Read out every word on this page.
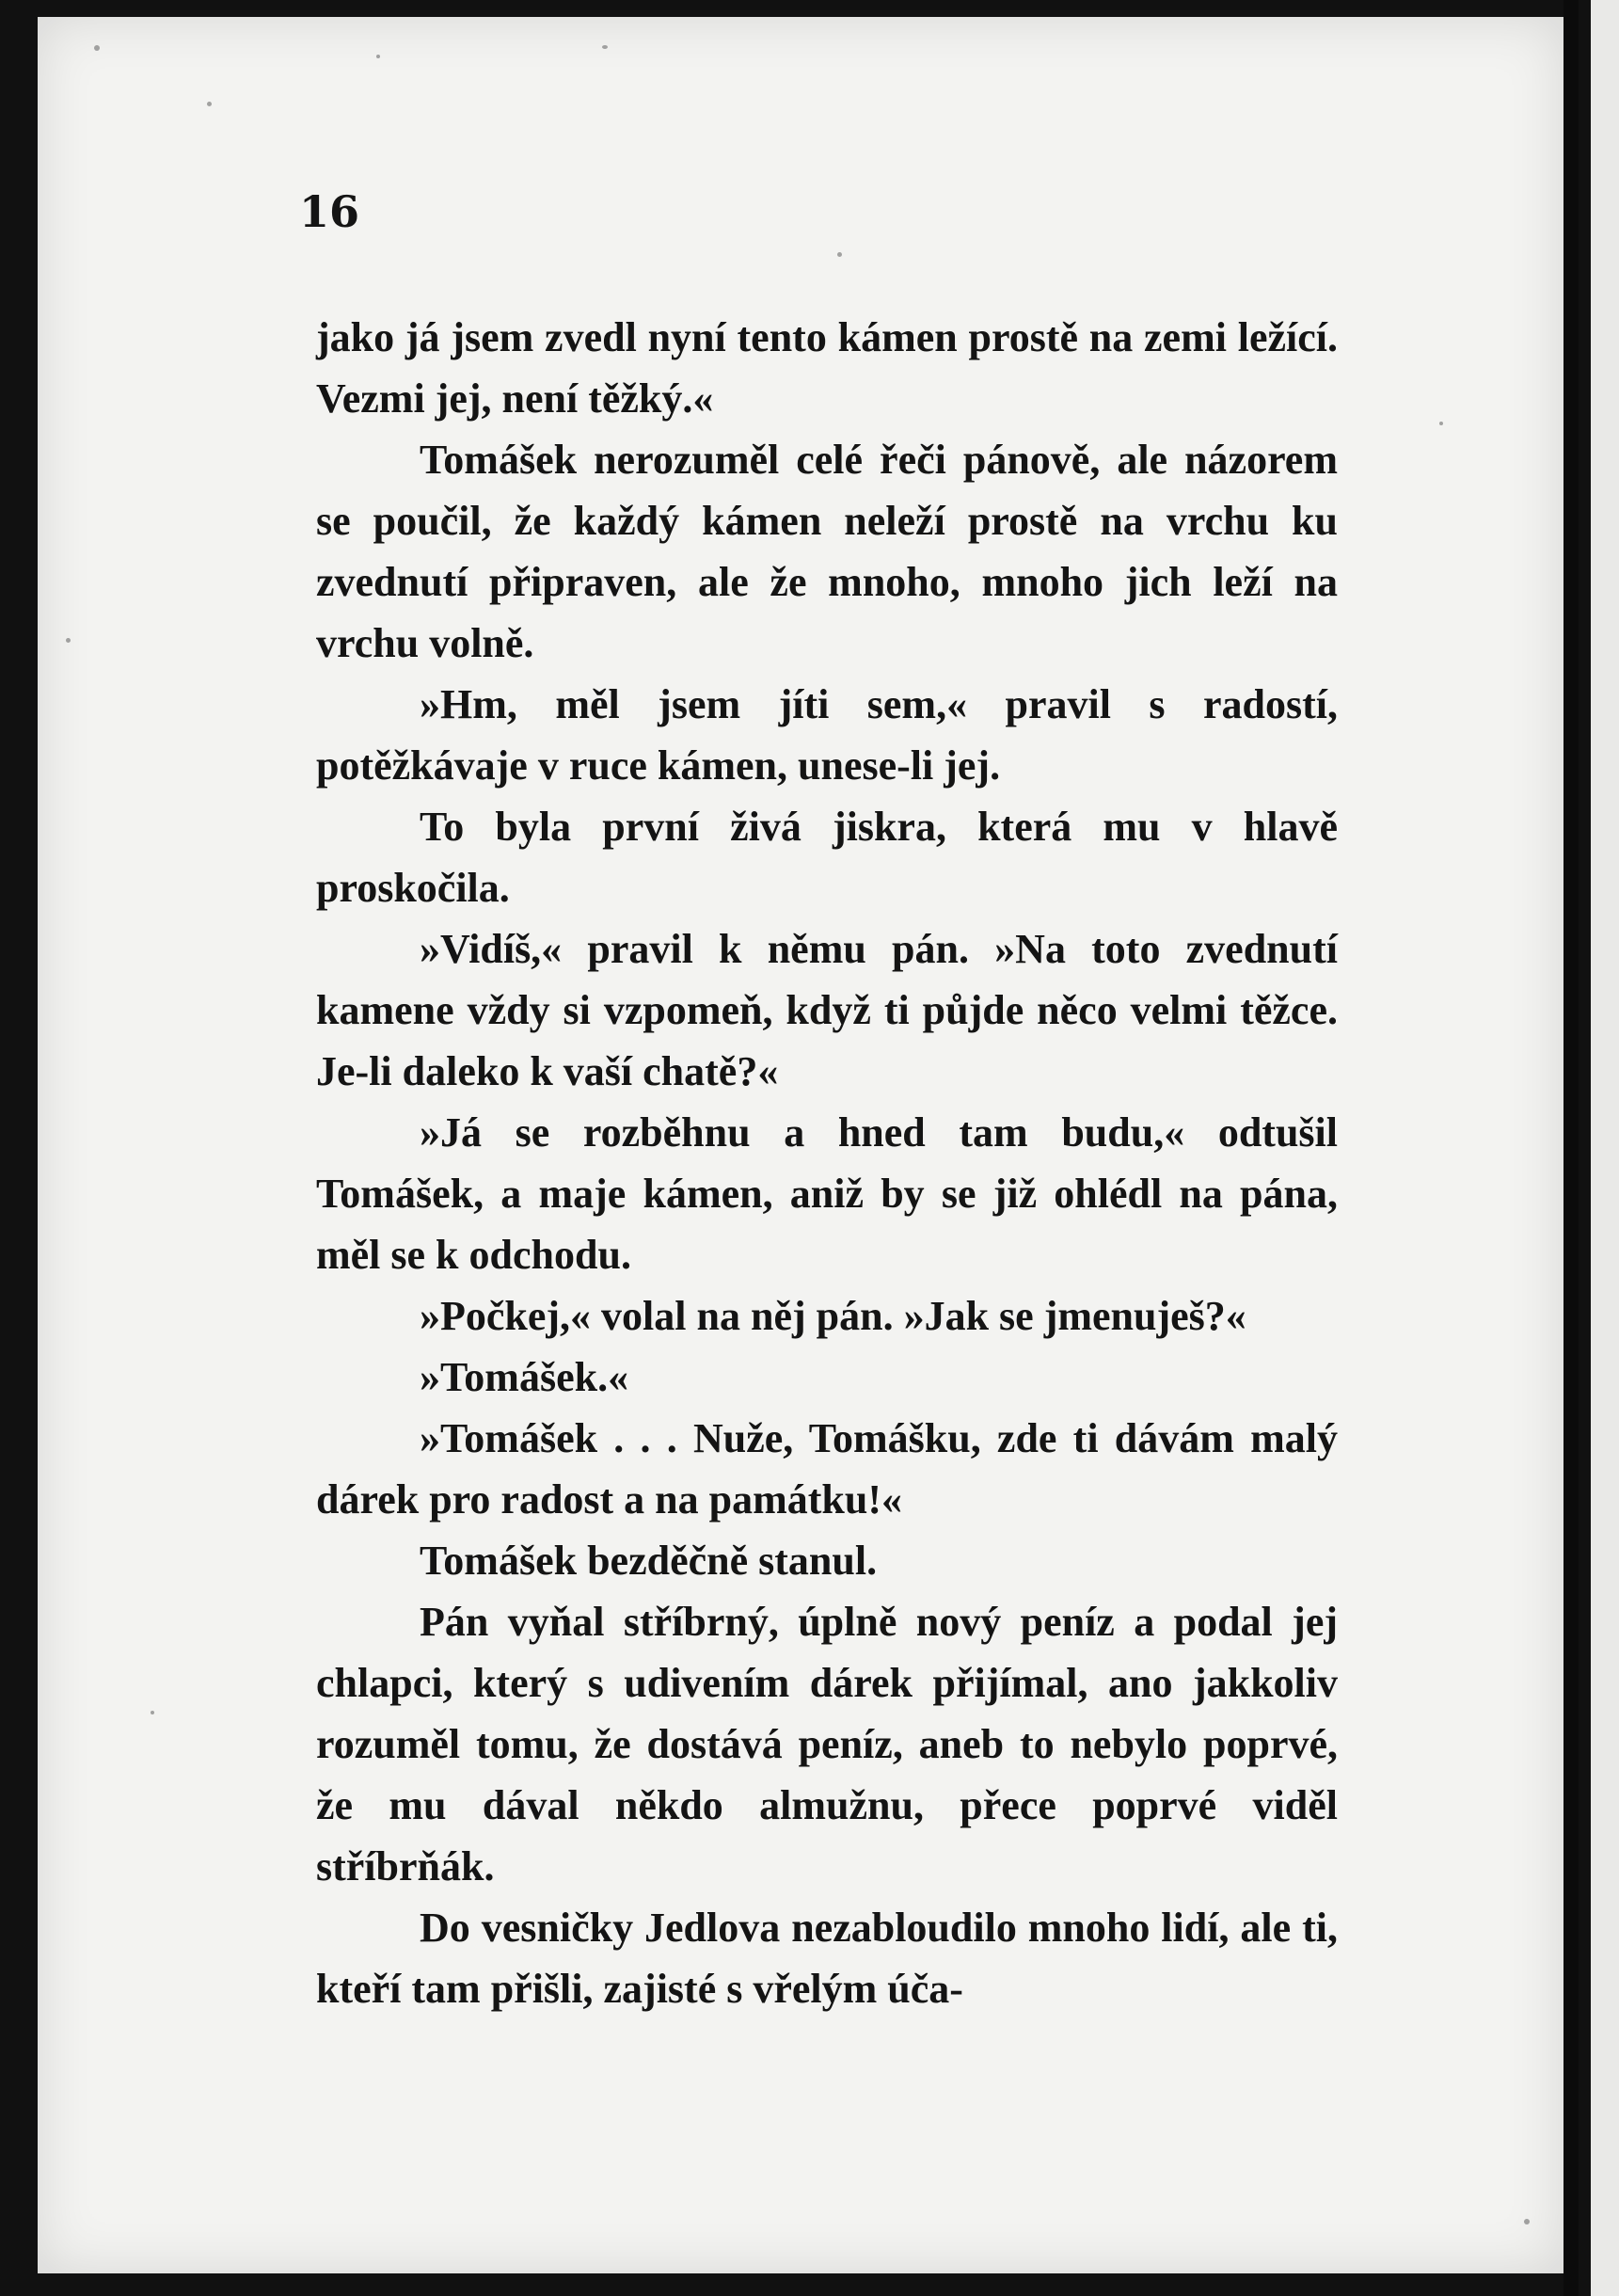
16

jako já jsem zvedl nyní tento kámen prostě na zemi ležící. Vezmi jej, není těžký.«

Tomášek nerozuměl celé řeči pánově, ale názorem se poučil, že každý kámen neleží prostě na vrchu ku zvednutí připraven, ale že mnoho, mnoho jich leží na vrchu volně.

»Hm, měl jsem jíti sem,« pravil s radostí, potěžkávaje v ruce kámen, unese-li jej.

To byla první živá jiskra, která mu v hlavě proskočila.

»Vidíš,« pravil k němu pán. »Na toto zvednutí kamene vždy si vzpomeň, když ti půjde něco velmi těžce. Je-li daleko k vaší chatě?«

»Já se rozběhnu a hned tam budu,« odtušil Tomášek, a maje kámen, aniž by se již ohlédl na pána, měl se k odchodu.

»Počkej,« volal na něj pán. »Jak se jmenuješ?«

»Tomášek.«

»Tomášek . . . Nuže, Tomášku, zde ti dávám malý dárek pro radost a na památku!«

Tomášek bezděčně stanul.

Pán vyňal stříbrný, úplně nový peníz a podal jej chlapci, který s udivením dárek přijímal, ano jakkoliv rozuměl tomu, že dostává peníz, aneb to nebylo poprvé, že mu dával někdo almužnu, přece poprvé viděl stříbrňák.

Do vesničky Jedlova nezabloudilo mnoho lidí, ale ti, kteří tam přišli, zajisté s vřelým úča-
